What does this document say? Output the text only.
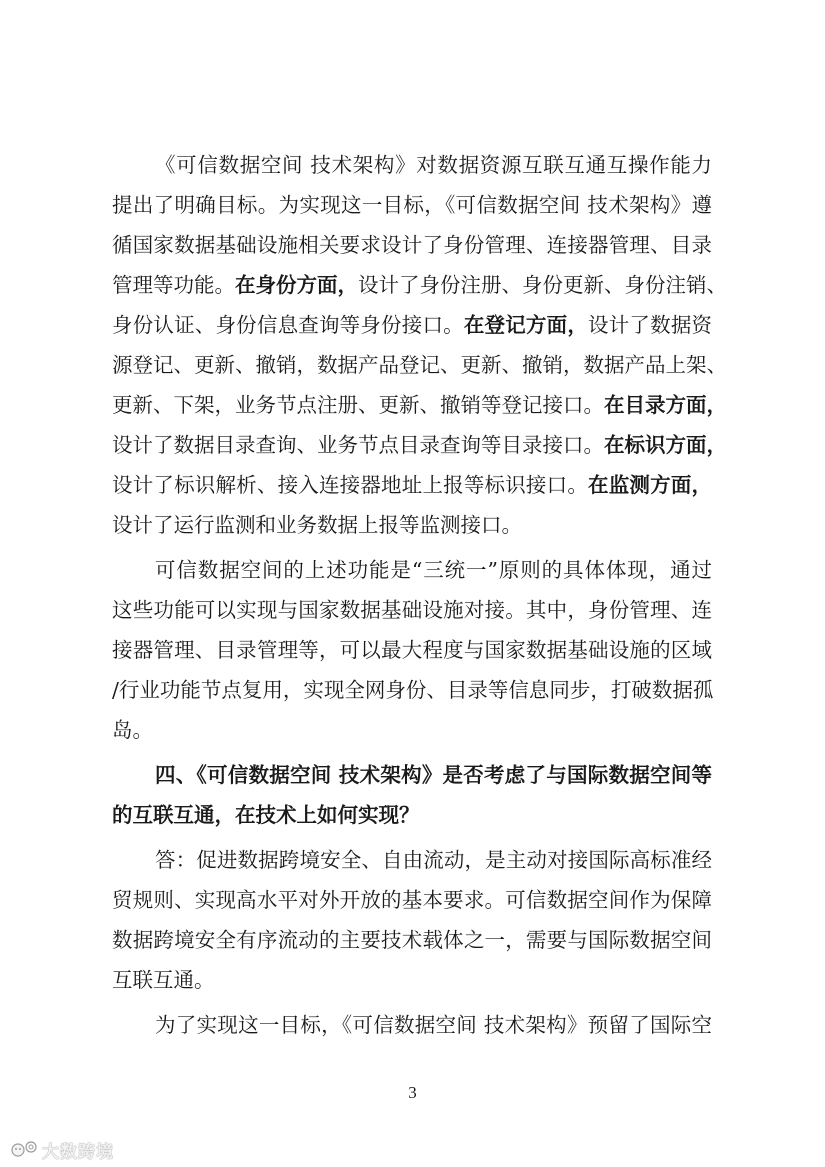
《可信数据空间 技术架构》对数据资源互联互通互操作能力
提出了明确目标。为实现这一目标，《可信数据空间 技术架构》遵
循国家数据基础设施相关要求设计了身份管理、连接器管理、目录
管理等功能。在身份方面，设计了身份注册、身份更新、身份注销、
身份认证、身份信息查询等身份接口。在登记方面，设计了数据资
源登记、更新、撤销，数据产品登记、更新、撤销，数据产品上架、
更新、下架，业务节点注册、更新、撤销等登记接口。在目录方面，
设计了数据目录查询、业务节点目录查询等目录接口。在标识方面，
设计了标识解析、接入连接器地址上报等标识接口。在监测方面，
设计了运行监测和业务数据上报等监测接口。
可信数据空间的上述功能是“三统一”原则的具体体现，通过
这些功能可以实现与国家数据基础设施对接。其中，身份管理、连
接器管理、目录管理等，可以最大程度与国家数据基础设施的区域
/行业功能节点复用，实现全网身份、目录等信息同步，打破数据孤
岛。
四、《可信数据空间 技术架构》是否考虑了与国际数据空间等
的互联互通，在技术上如何实现？
答：促进数据跨境安全、自由流动，是主动对接国际高标准经
贸规则、实现高水平对外开放的基本要求。可信数据空间作为保障
数据跨境安全有序流动的主要技术载体之一，需要与国际数据空间
互联互通。
为了实现这一目标，《可信数据空间 技术架构》预留了国际空
3
大数跨境
